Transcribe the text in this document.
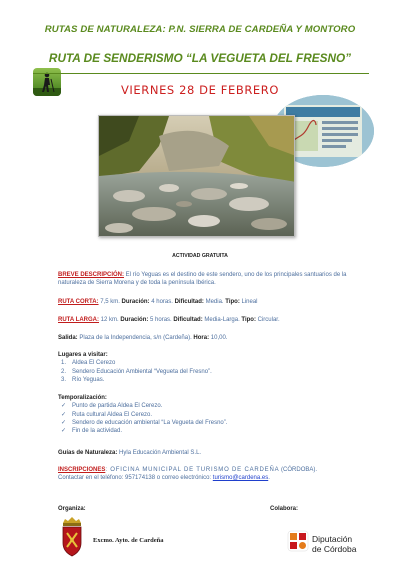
RUTAS DE NATURALEZA: P.N. SIERRA DE CARDEÑA Y MONTORO
RUTA DE SENDERISMO “LA VEGUETA DEL FRESNO”
VIERNES 28 DE FEBRERO
ACTIVIDAD GRATUITA
BREVE DESCRIPCIÓN: El río Yeguas es el destino de este sendero, uno de los principales santuarios de la naturaleza de Sierra Morena y de toda la península Ibérica.
RUTA CORTA: 7,5 km. Duración: 4 horas. Dificultad: Media. Tipo: Lineal
RUTA LARGA: 12 km. Duración: 5 horas. Dificultad: Media-Larga. Tipo: Circular.
Salida: Plaza de la Independencia, s/n (Cardeña). Hora: 10,00.
Lugares a visitar:
1. Aldea El Cerezo
2. Sendero Educación Ambiental “Vegueta del Fresno”.
3. Río Yeguas.
Temporalización:
✓ Punto de partida Aldea El Cerezo.
✓ Ruta cultural Aldea El Cerezo.
✓ Sendero de educación ambiental “La Vegueta del Fresno”.
✓ Fin de la actividad.
Guías de Naturaleza: Hyla Educación Ambiental S.L.
INSCRIPCIONES: OFICINA MUNICIPAL DE TURISMO DE CARDEÑA (CÓRDOBA).
Contactar en el teléfono: 957174138 o correo electrónico: turismo@cardena.es.
Organiza:	Colabora:
Excmo. Ayto. de Cardeña	Diputación
de Córdoba
